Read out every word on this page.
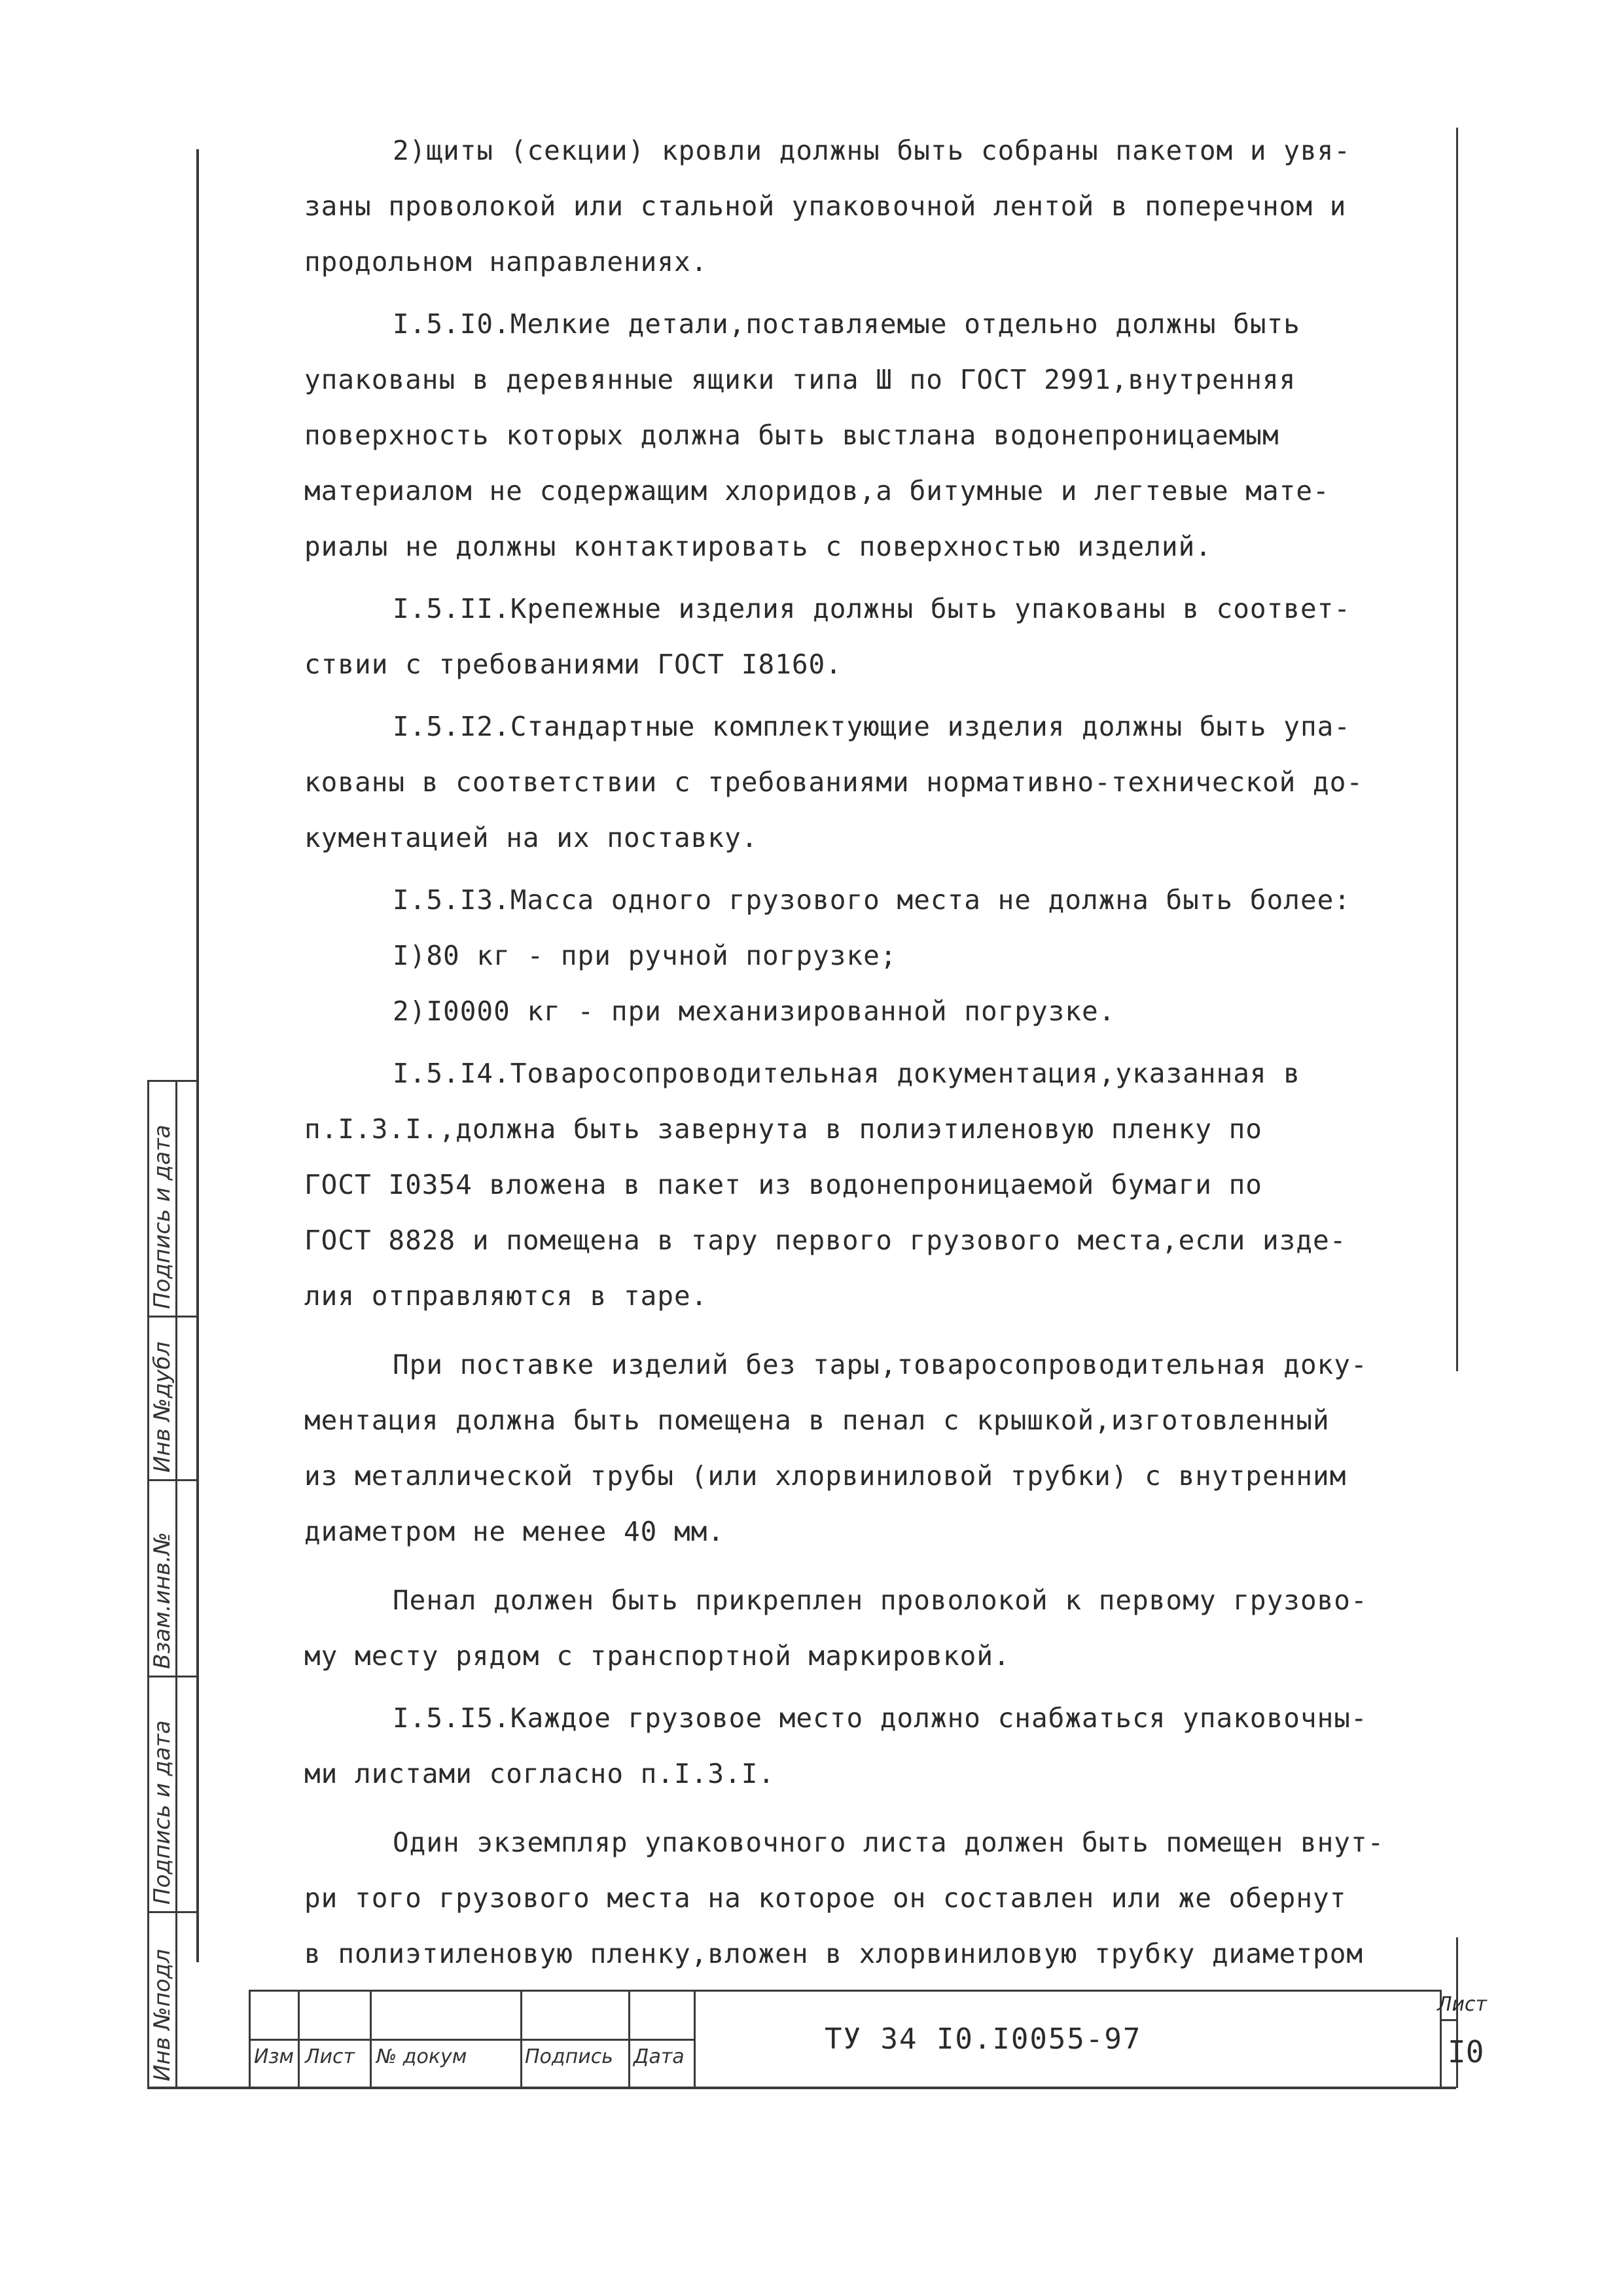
2)щиты (секции) кровли должны быть собраны пакетом и увя-
заны проволокой или стальной упаковочной лентой в поперечном и
продольном направлениях.
I.5.I0.Мелкие детали,поставляемые отдельно должны быть
упакованы в деревянные ящики типа Ш по ГОСТ 2991,внутренняя
поверхность которых должна быть выстлана водонепроницаемым
материалом не содержащим хлоридов,а битумные и легтевые мате-
риалы не должны контактировать с поверхностью изделий.
I.5.II.Крепежные изделия должны быть упакованы в соответ-
ствии с требованиями ГОСТ I8160.
I.5.I2.Стандартные комплектующие изделия должны быть упа-
кованы в соответствии с требованиями нормативно-технической до-
кументацией на их поставку.
I.5.I3.Масса одного грузового места не должна быть более:
I)80 кг - при ручной погрузке;
2)I0000 кг - при механизированной погрузке.
I.5.I4.Товаросопроводительная документация,указанная в
п.I.3.I.,должна быть завернута в полиэтиленовую пленку по
ГОСТ I0354 вложена в пакет из водонепроницаемой бумаги по
ГОСТ 8828 и помещена в тару первого грузового места,если изде-
лия отправляются в таре.
При поставке изделий без тары,товаросопроводительная доку-
ментация должна быть помещена в пенал с крышкой,изготовленный
из металлической трубы (или хлорвиниловой трубки) с внутренним
диаметром не менее 40 мм.
Пенал должен быть прикреплен проволокой к первому грузово-
му месту рядом с транспортной маркировкой.
I.5.I5.Каждое грузовое место должно снабжаться упаковочны-
ми листами согласно п.I.3.I.
Один экземпляр упаковочного листа должен быть помещен внут-
ри того грузового места на которое он составлен или же обернут
в полиэтиленовую пленку,вложен в хлорвиниловую трубку диаметром
Подпись и дата
Инв №дубл
Взам.инв.№
Подпись и дата
Инв №подл	Изм Лист № докум	Подпись Дата
ТУ 34 I0.I0055-97
Лист
I0
